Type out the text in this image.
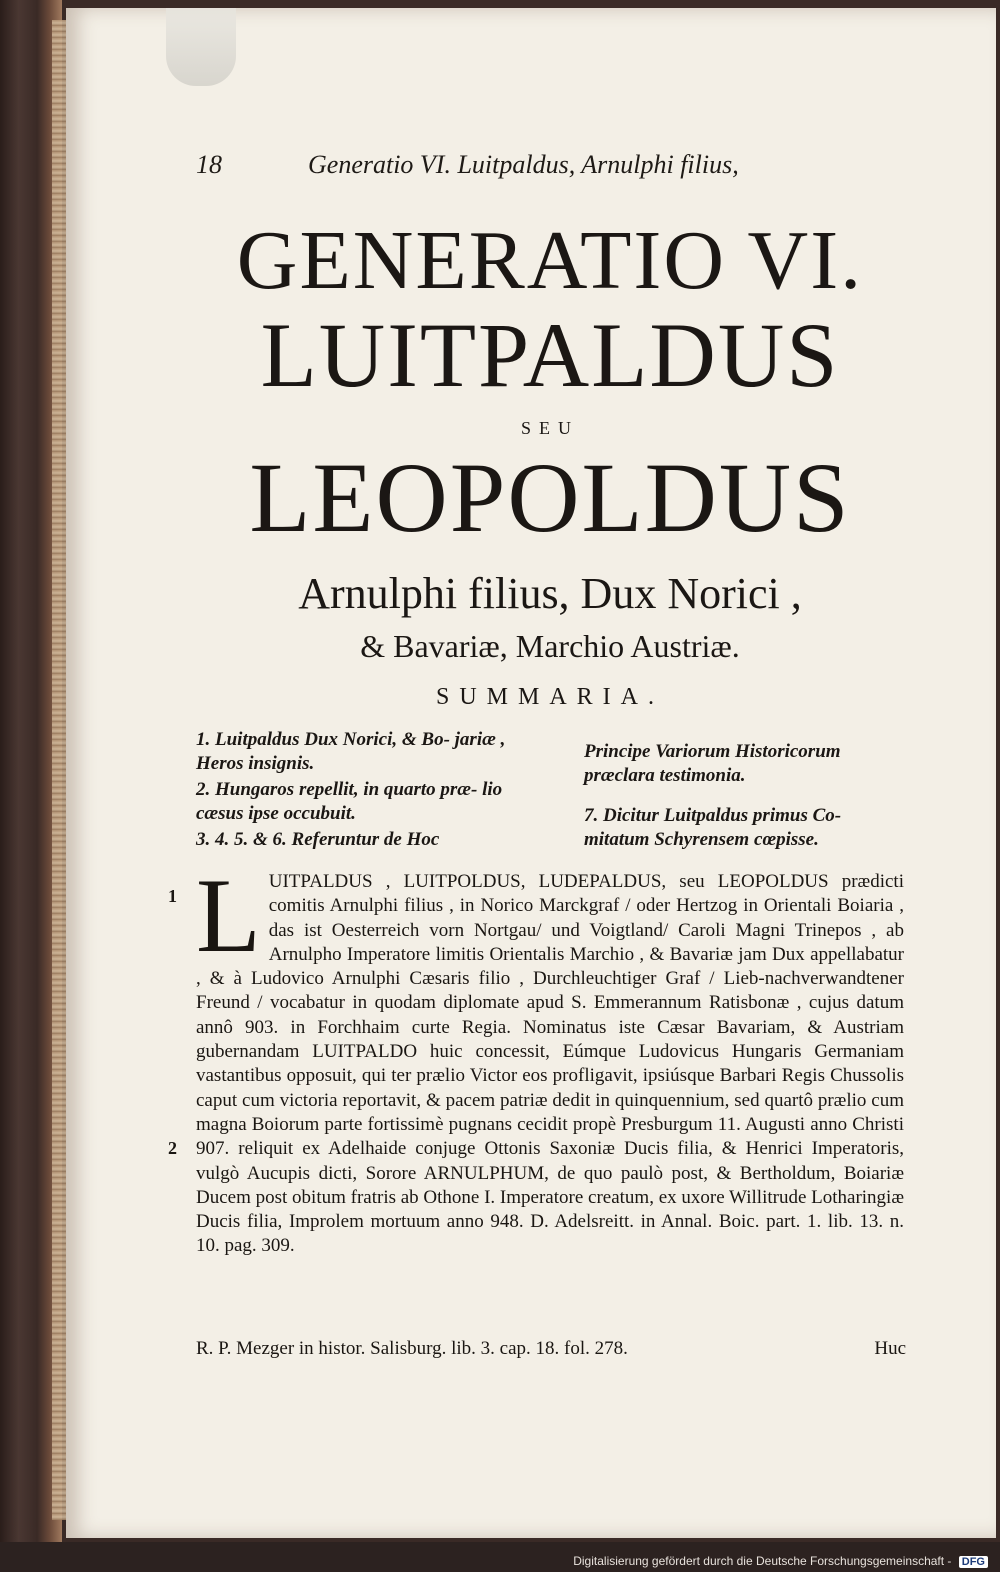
18	Generatio VI. Luitpaldus, Arnulphi filius,
GENERATIO VI.
LUITPALDUS
SEU
LEOPOLDUS
Arnulphi filius, Dux Norici ,
& Bavariæ, Marchio Austriæ.
SUMMARIA.
1. Luitpaldus Dux Norici, & Bo- jariæ , Heros insignis.
2. Hungaros repellit, in quarto præ- lio cæsus ipse occubuit.
3. 4. 5. & 6. Referuntur de Hoc
Principe Variorum Historicorum præclara testimonia.
7. Dicitur Luitpaldus primus Co- mitatum Schyrensem cœpisse.
1
2
L UITPALDUS , LUITPOLDUS, LUDEPALDUS, seu LEOPOLDUS prædicti comitis Arnulphi filius , in Norico Marckgraf / oder Hertzog in Orientali Boiaria , das ist Oesterreich vorn Nortgau/ und Voigtland/ Caroli Magni Trinepos , ab Arnulpho Imperatore limitis Orientalis Marchio , & Bavariæ jam Dux appellabatur , & à Ludovico Arnulphi Cæsaris filio , Durchleuchtiger Graf / Lieb-nachverwandtener Freund / vocabatur in quodam diplomate apud S. Emmerannum Ratisbonæ , cujus datum annô 903. in Forchhaim curte Regia. Nominatus iste Cæsar Bavariam, & Austriam gubernandam LUITPALDO huic concessit, Eúmque Ludovicus Hungaris Germaniam vastantibus opposuit, qui ter prælio Victor eos profligavit, ipsiúsque Barbari Regis Chussolis caput cum victoria reportavit, & pacem patriæ dedit in quinquennium, sed quartô prælio cum magna Boiorum parte fortissimè pugnans cecidit propè Presburgum 11. Augusti anno Christi 907. reliquit ex Adelhaide conjuge Ottonis Saxoniæ Ducis filia, & Henrici Imperatoris, vulgò Aucupis dicti, Sorore ARNULPHUM, de quo paulò post, & Bertholdum, Boiariæ Ducem post obitum fratris ab Othone I. Imperatore creatum, ex uxore Willitrude Lotharingiæ Ducis filia, Improlem mortuum anno 948. D. Adelsreitt. in Annal. Boic. part. 1. lib. 13. n. 10. pag. 309.
R. P. Mezger in histor. Salisburg. lib. 3. cap. 18. fol. 278.	Huc
Digitalisierung gefördert durch die Deutsche Forschungsgemeinschaft - DFG
